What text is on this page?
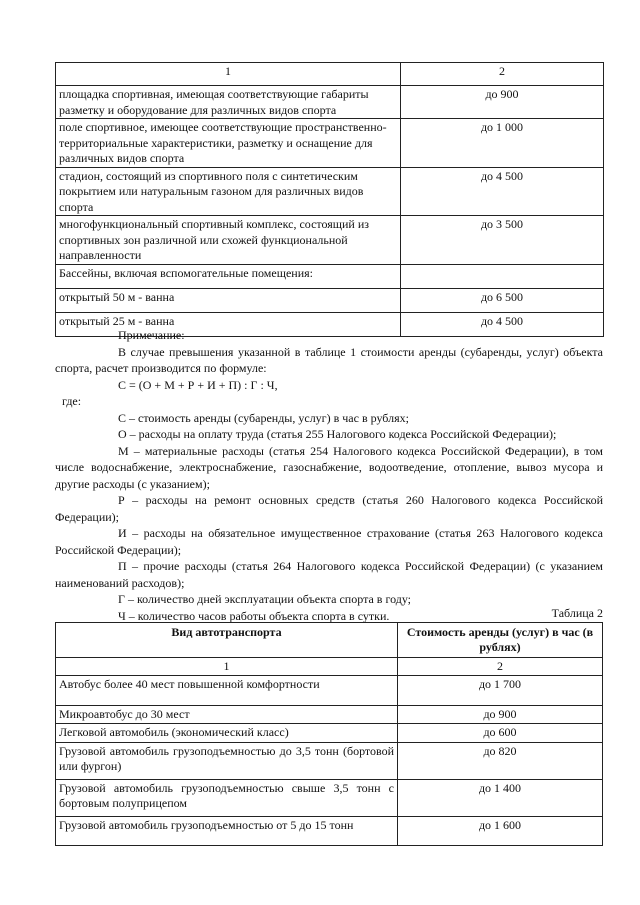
1	2
площадка спортивная, имеющая соответствующие габариты разметку и оборудование для различных видов спорта	до 900
поле спортивное, имеющее соответствующие пространственно-территориальные характеристики, разметку и оснащение для различных видов спорта	до 1 000
стадион, состоящий из спортивного поля с синтетическим покрытием или натуральным газоном для различных видов спорта	до 4 500
многофункциональный спортивный комплекс, состоящий из спортивных зон различной или схожей функциональной направленности	до 3 500
Бассейны, включая вспомогательные помещения:	
открытый 50 м - ванна	до 6 500
открытый 25 м - ванна	до 4 500

Примечание:

В случае превышения указанной в таблице 1 стоимости аренды (субаренды, услуг) объекта спорта, расчет производится по формуле:

С = (О + М + Р + И + П) : Г : Ч,

где:

С – стоимость аренды (субаренды, услуг) в час в рублях;

О – расходы на оплату труда (статья 255 Налогового кодекса Российской Федерации);

М – материальные расходы (статья 254 Налогового кодекса Российской Федерации), в том числе водоснабжение, электроснабжение, газоснабжение, водоотведение, отопление, вывоз мусора и другие расходы (с указанием);

Р – расходы на ремонт основных средств (статья 260 Налогового кодекса Российской Федерации);

И – расходы на обязательное имущественное страхование (статья 263 Налогового кодекса Российской Федерации);

П – прочие расходы (статья 264 Налогового кодекса Российской Федерации) (с указанием наименований расходов);

Г – количество дней эксплуатации объекта спорта в году;

Ч – количество часов работы объекта спорта в сутки.	Таблица 2
Вид автотранспорта	Стоимость аренды (услуг) в час (в рублях)
1	2
Автобус более 40 мест повышенной комфортности	до 1 700
Микроавтобус до 30 мест	до 900
Легковой автомобиль (экономический класс)	до 600
Грузовой автомобиль грузоподъемностью до 3,5 тонн (бортовой или фургон)	до 820
Грузовой автомобиль грузоподъемностью свыше 3,5 тонн с бортовым полуприцепом	до 1 400
Грузовой автомобиль грузоподъемностью от 5 до 15 тонн	до 1 600
